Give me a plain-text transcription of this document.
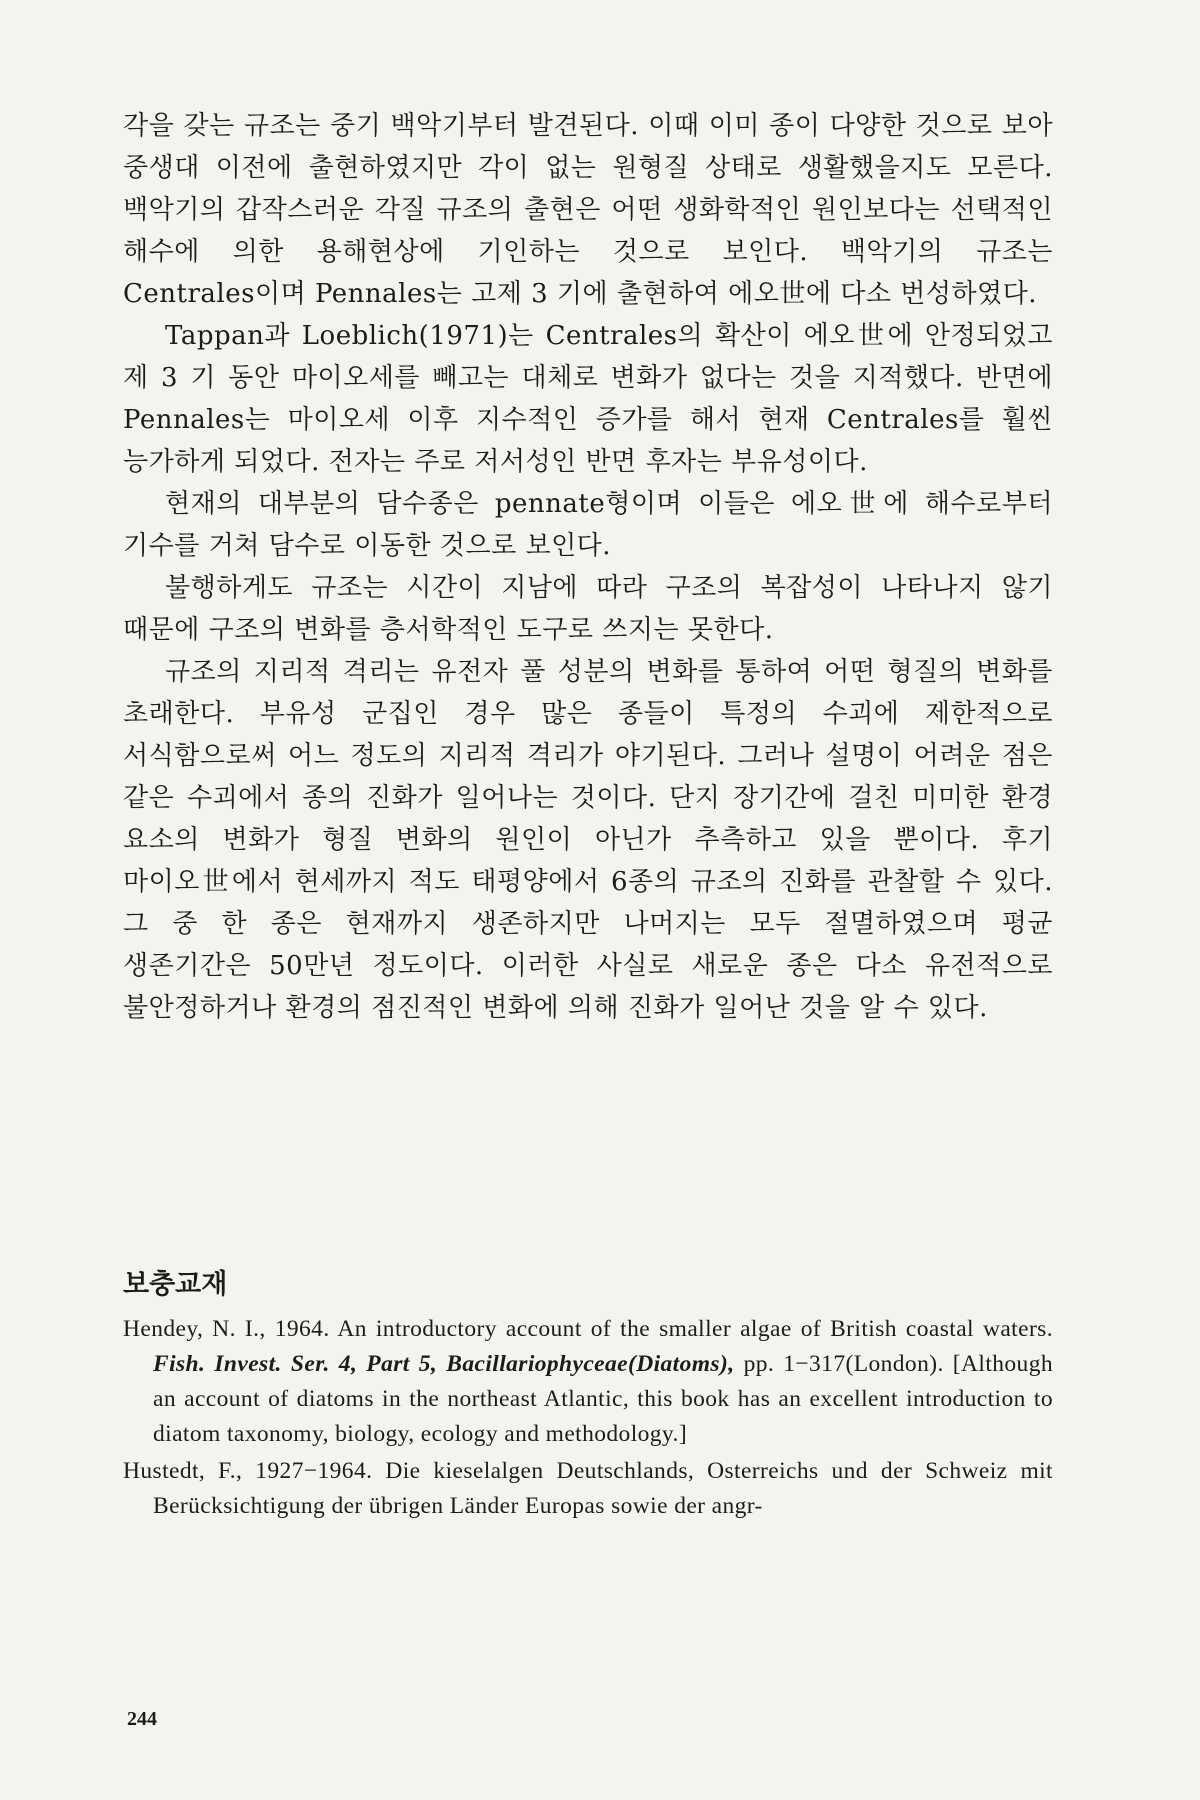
각을 갖는 규조는 중기 백악기부터 발견된다. 이때 이미 종이 다양한 것으로 보아 중생대 이전에 출현하였지만 각이 없는 원형질 상태로 생활했을지도 모른다. 백악기의 갑작스러운 각질 규조의 출현은 어떤 생화학적인 원인보다는 선택적인 해수에 의한 용해현상에 기인하는 것으로 보인다. 백악기의 규조는 Centrales이며 Pennales는 고제 3 기에 출현하여 에오世에 다소 번성하였다.

Tappan과 Loeblich(1971)는 Centrales의 확산이 에오世에 안정되었고 제 3 기 동안 마이오세를 빼고는 대체로 변화가 없다는 것을 지적했다. 반면에 Pennales는 마이오세 이후 지수적인 증가를 해서 현재 Centrales를 훨씬 능가하게 되었다. 전자는 주로 저서성인 반면 후자는 부유성이다.

현재의 대부분의 담수종은 pennate형이며 이들은 에오世에 해수로부터 기수를 거쳐 담수로 이동한 것으로 보인다.

불행하게도 규조는 시간이 지남에 따라 구조의 복잡성이 나타나지 않기 때문에 구조의 변화를 층서학적인 도구로 쓰지는 못한다.

규조의 지리적 격리는 유전자 풀 성분의 변화를 통하여 어떤 형질의 변화를 초래한다. 부유성 군집인 경우 많은 종들이 특정의 수괴에 제한적으로 서식함으로써 어느 정도의 지리적 격리가 야기된다. 그러나 설명이 어려운 점은 같은 수괴에서 종의 진화가 일어나는 것이다. 단지 장기간에 걸친 미미한 환경 요소의 변화가 형질 변화의 원인이 아닌가 추측하고 있을 뿐이다. 후기 마이오世에서 현세까지 적도 태평양에서 6종의 규조의 진화를 관찰할 수 있다. 그 중 한 종은 현재까지 생존하지만 나머지는 모두 절멸하였으며 평균 생존기간은 50만년 정도이다. 이러한 사실로 새로운 종은 다소 유전적으로 불안정하거나 환경의 점진적인 변화에 의해 진화가 일어난 것을 알 수 있다.

보충교재

Hendey, N. I., 1964. An introductory account of the smaller algae of British coastal waters. Fish. Invest. Ser. 4, Part 5, Bacillariophyceae(Diatoms), pp. 1−317(London). [Although an account of diatoms in the northeast Atlantic, this book has an excellent introduction to diatom taxonomy, biology, ecology and methodology.]

Hustedt, F., 1927−1964. Die kieselalgen Deutschlands, Osterreichs und der Schweiz mit Berücksichtigung der übrigen Länder Europas sowie der angr-

244
